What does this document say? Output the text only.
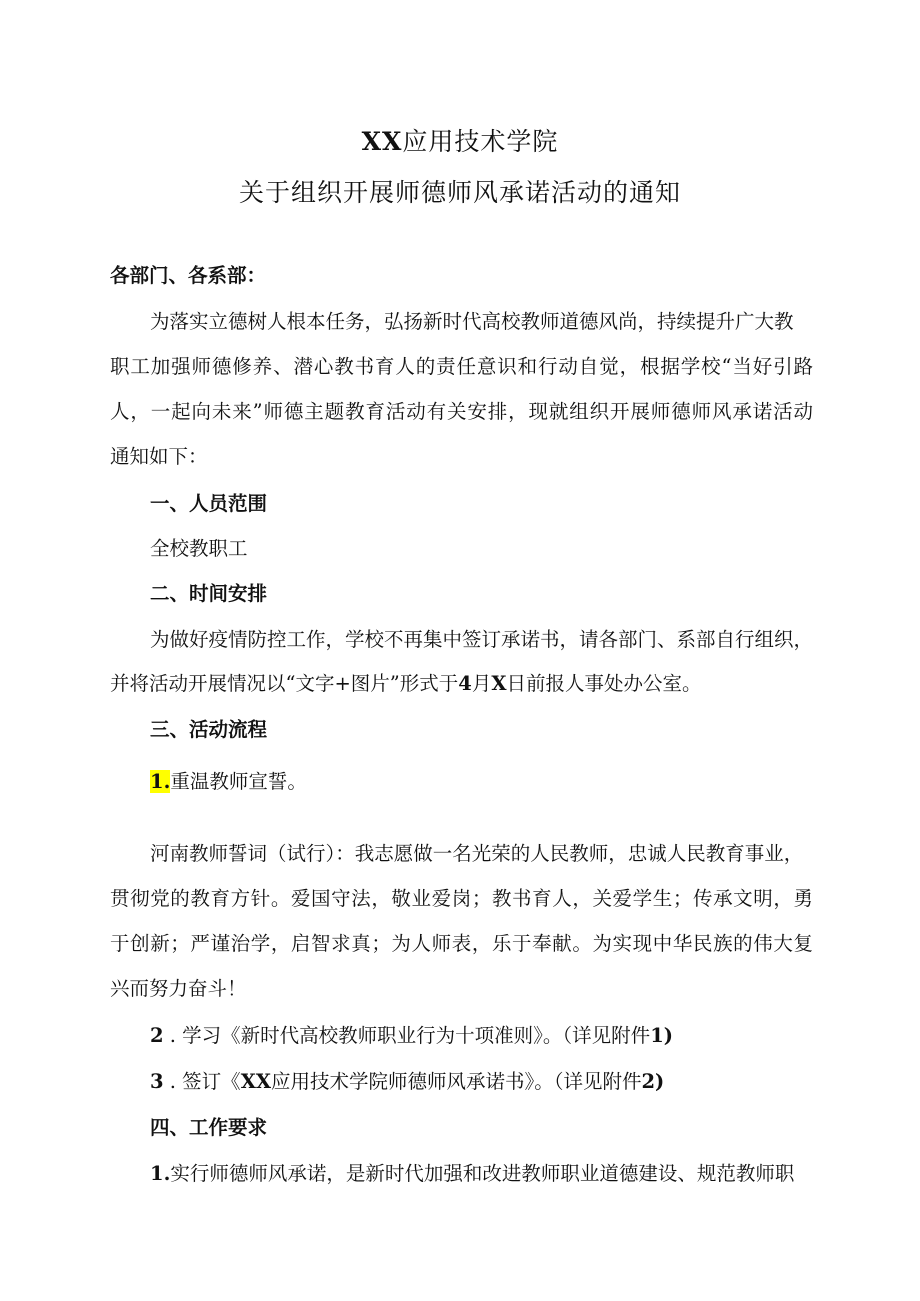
XX应用技术学院
关于组织开展师德师风承诺活动的通知
各部门、各系部：
为落实立德树人根本任务，弘扬新时代高校教师道德风尚，持续提升广大教
职工加强师德修养、潜心教书育人的责任意识和行动自觉，根据学校“当好引路
人，一起向未来”师德主题教育活动有关安排，现就组织开展师德师风承诺活动
通知如下：
一、人员范围
全校教职工
二、时间安排
为做好疫情防控工作，学校不再集中签订承诺书，请各部门、系部自行组织，
并将活动开展情况以“文字+图片”形式于4月X日前报人事处办公室。
三、活动流程
1.重温教师宣誓。
河南教师誓词（试行）：我志愿做一名光荣的人民教师，忠诚人民教育事业，
贯彻党的教育方针。爱国守法，敬业爱岗；教书育人，关爱学生；传承文明，勇
于创新；严谨治学，启智求真；为人师表，乐于奉献。为实现中华民族的伟大复
兴而努力奋斗！
2 . 学习《新时代高校教师职业行为十项准则》。（详见附件1)
3 . 签订《XX应用技术学院师德师风承诺书》。（详见附件2)
四、工作要求
1.实行师德师风承诺，是新时代加强和改进教师职业道德建设、规范教师职
